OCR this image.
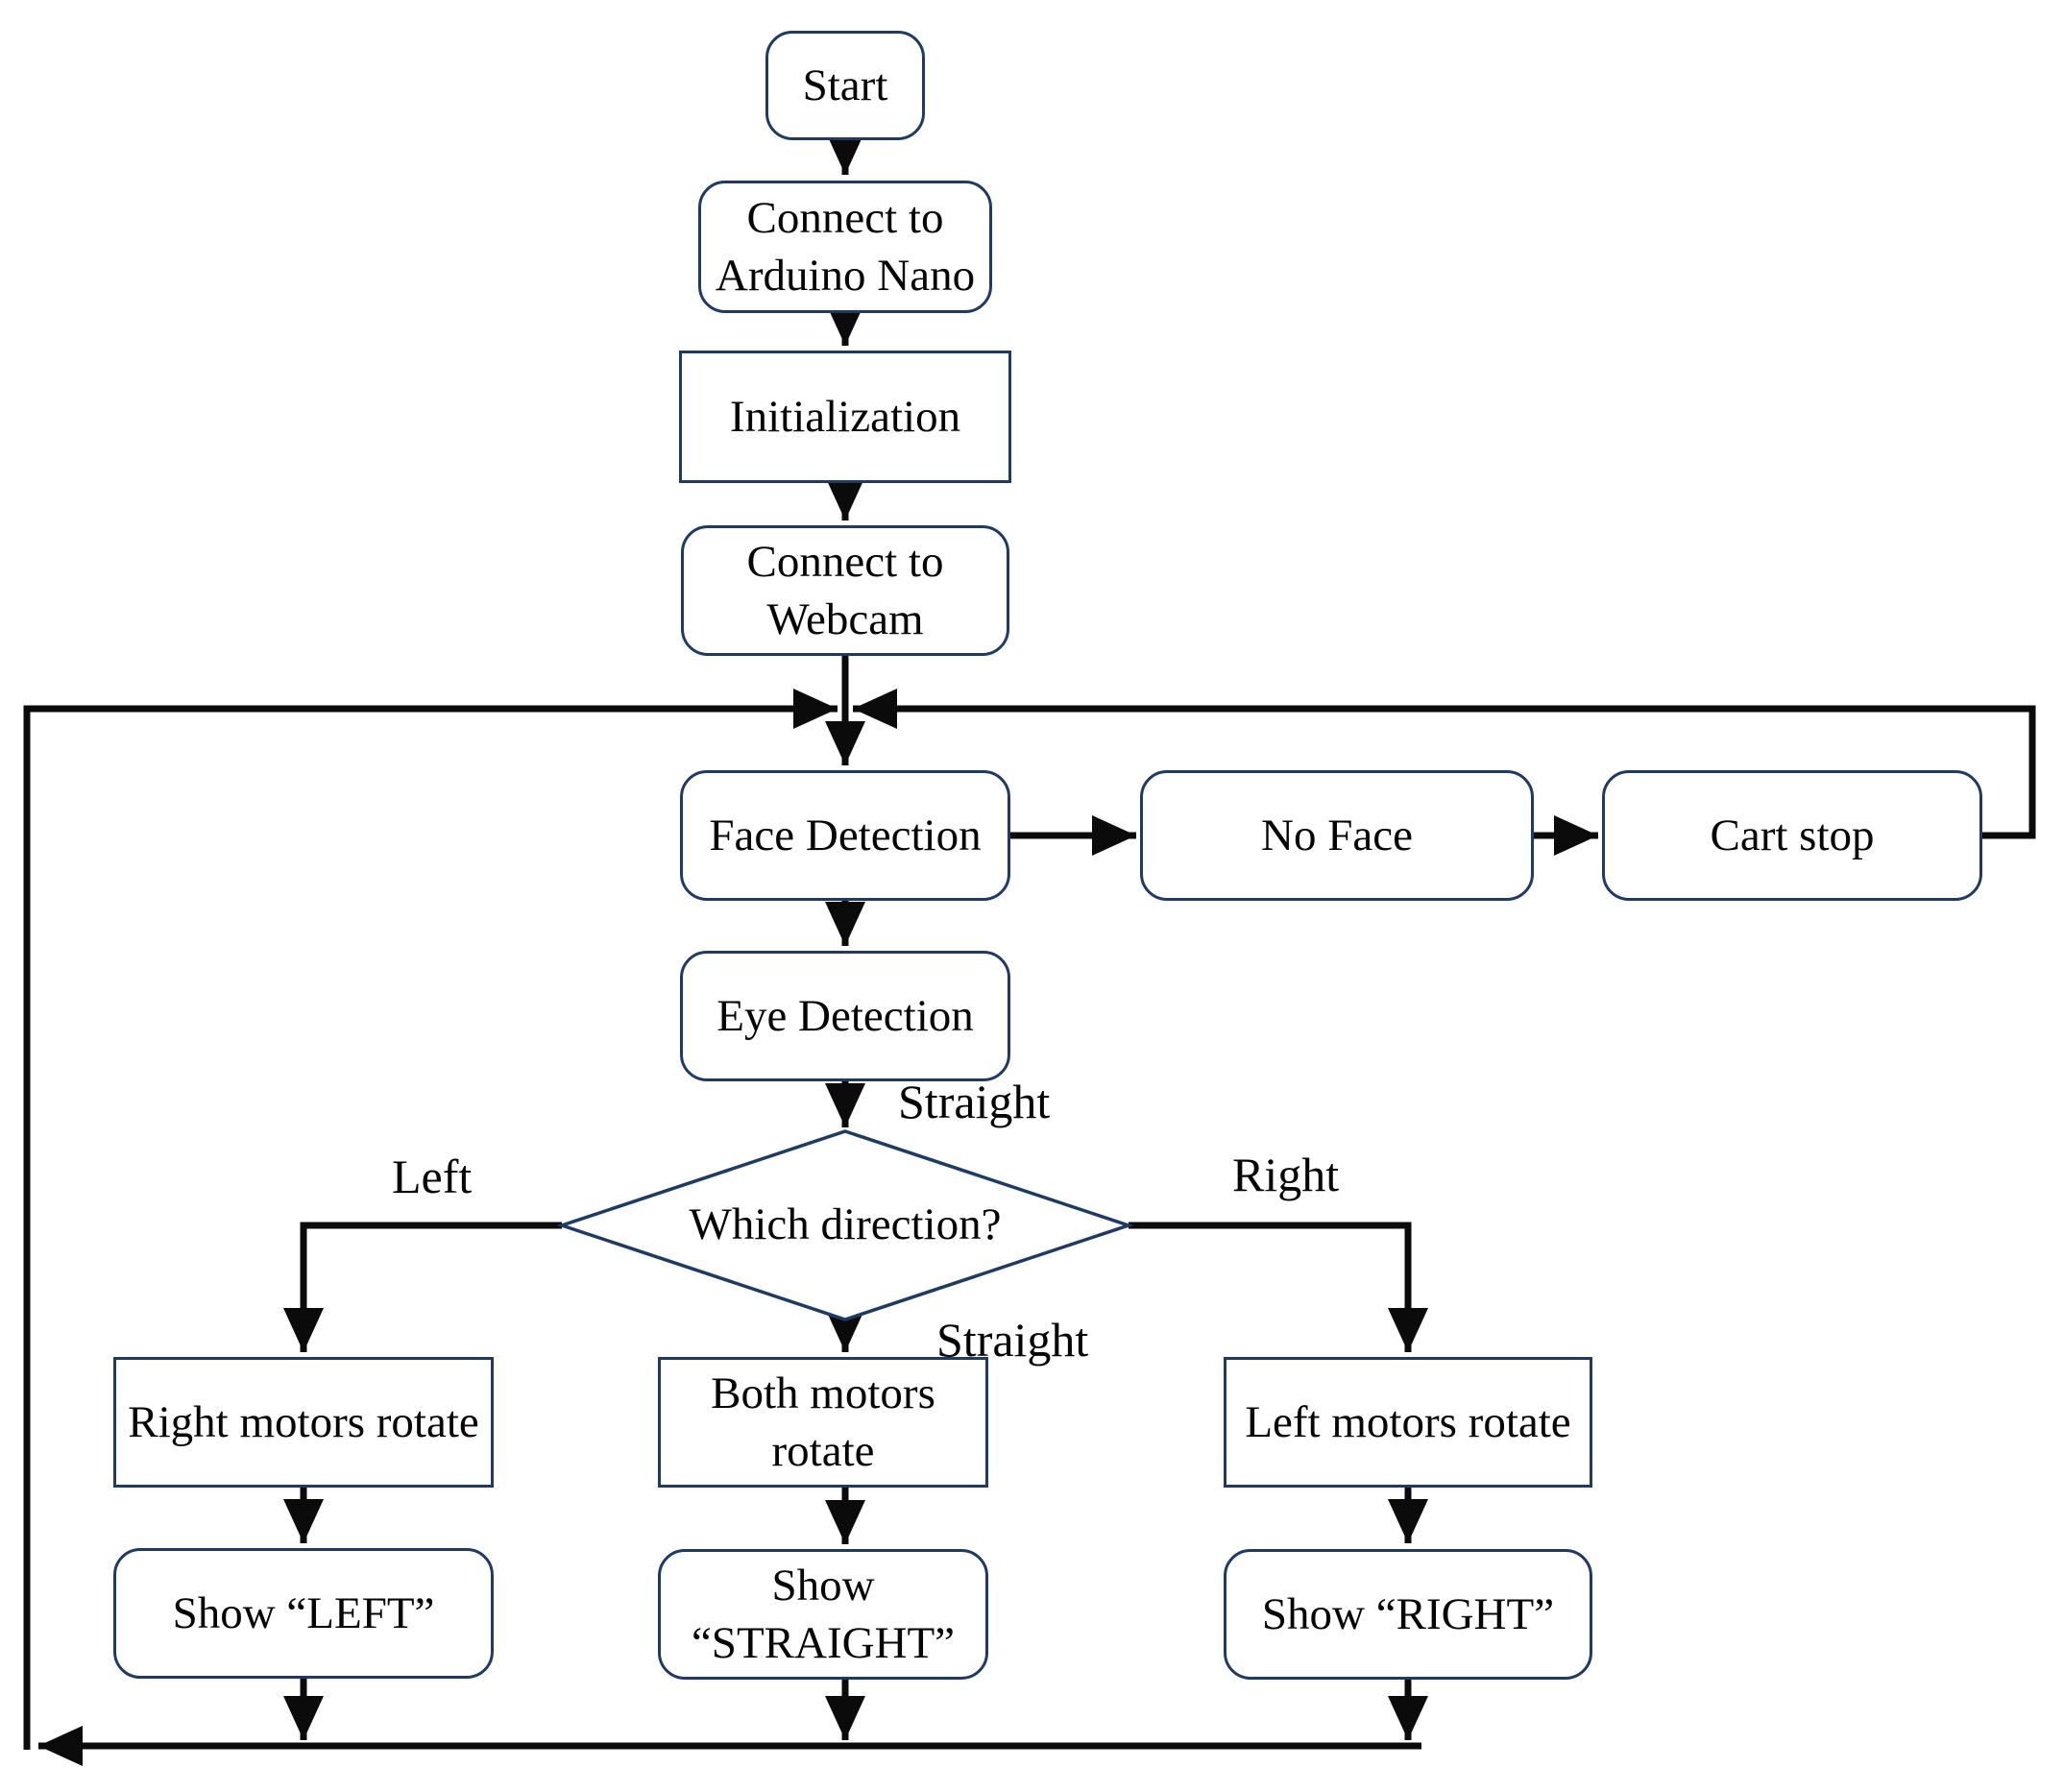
Start
Connect to Arduino Nano
Initialization
Connect to Webcam
Face Detection	No Face	Cart stop
Eye Detection
Which direction?
Right motors rotate
Both motors rotate
Left motors rotate
Show “LEFT”
Show “STRAIGHT”
Show “RIGHT”
Straight
Left	Right
Straight
